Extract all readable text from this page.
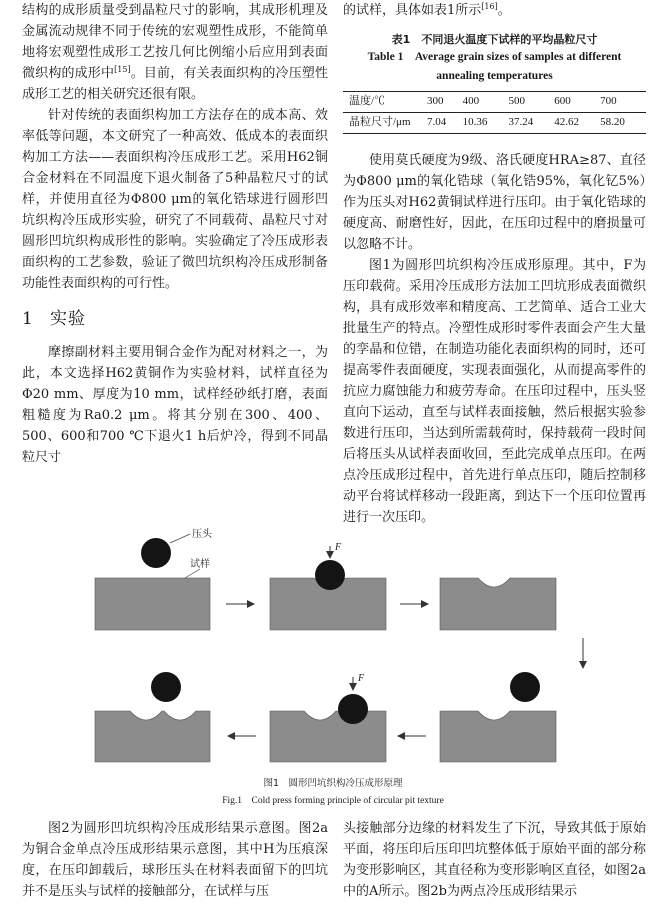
结构的成形质量受到晶粒尺寸的影响，其成形机理及金属流动规律不同于传统的宏观塑性成形，不能简单地将宏观塑性成形工艺按几何比例缩小后应用到表面微织构的成形中[15]。目前，有关表面织构的冷压塑性成形工艺的相关研究还很有限。

针对传统的表面织构加工方法存在的成本高、效率低等问题，本文研究了一种高效、低成本的表面织构加工方法——表面织构冷压成形工艺。采用H62铜合金材料在不同温度下退火制备了5种晶粒尺寸的试样，并使用直径为Φ800 μm的氧化锆球进行圆形凹坑织构冷压成形实验，研究了不同载荷、晶粒尺寸对圆形凹坑织构成形性的影响。实验确定了冷压成形表面织构的工艺参数，验证了微凹坑织构冷压成形制备功能性表面织构的可行性。

1 实验

摩擦副材料主要用铜合金作为配对材料之一，为此，本文选择H62黄铜作为实验材料，试样直径为Φ20 mm、厚度为10 mm，试样经砂纸打磨，表面粗糙度为Ra0.2 μm。将其分别在300、400、500、600和700 ℃下退火1 h后炉冷，得到不同晶粒尺寸

的试样，具体如表1所示[16]。

表1　不同退火温度下试样的平均晶粒尺寸

Table 1　Average grain sizes of samples at different annealing temperatures

温度/℃	300	400	500	600	700
晶粒尺寸/μm	7.04	10.36	37.24	42.62	58.20

使用莫氏硬度为9级、洛氏硬度HRA≥87、直径为Φ800 μm的氧化锆球（氧化锆95%，氧化钇5%）作为压头对H62黄铜试样进行压印。由于氧化锆球的硬度高、耐磨性好，因此，在压印过程中的磨损量可以忽略不计。

图1为圆形凹坑织构冷压成形原理。其中，F为压印载荷。采用冷压成形方法加工凹坑形成表面微织构，具有成形效率和精度高、工艺简单、适合工业大批量生产的特点。冷塑性成形时零件表面会产生大量的孪晶和位错，在制造功能化表面织构的同时，还可提高零件表面硬度，实现表面强化，从而提高零件的抗应力腐蚀能力和疲劳寿命。在压印过程中，压头竖直向下运动，直至与试样表面接触，然后根据实验参数进行压印，当达到所需载荷时，保持载荷一段时间后将压头从试样表面收回，至此完成单点压印。在两点冷压成形过程中，首先进行单点压印，随后控制移动平台将试样移动一段距离，到达下一个压印位置再进行一次压印。

压头
试样
F
F
图1　圆形凹坑织构冷压成形原理
Fig.1　Cold press forming principle of circular pit texture

图2为圆形凹坑织构冷压成形结果示意图。图2a为铜合金单点冷压成形结果示意图，其中H为压痕深度，在压印卸载后，球形压头在材料表面留下的凹坑并不是压头与试样的接触部分，在试样与压

头接触部分边缘的材料发生了下沉，导致其低于原始平面，将压印后压印凹坑整体低于原始平面的部分称为变形影响区，其直径称为变形影响区直径，如图2a中的A所示。图2b为两点冷压成形结果示
